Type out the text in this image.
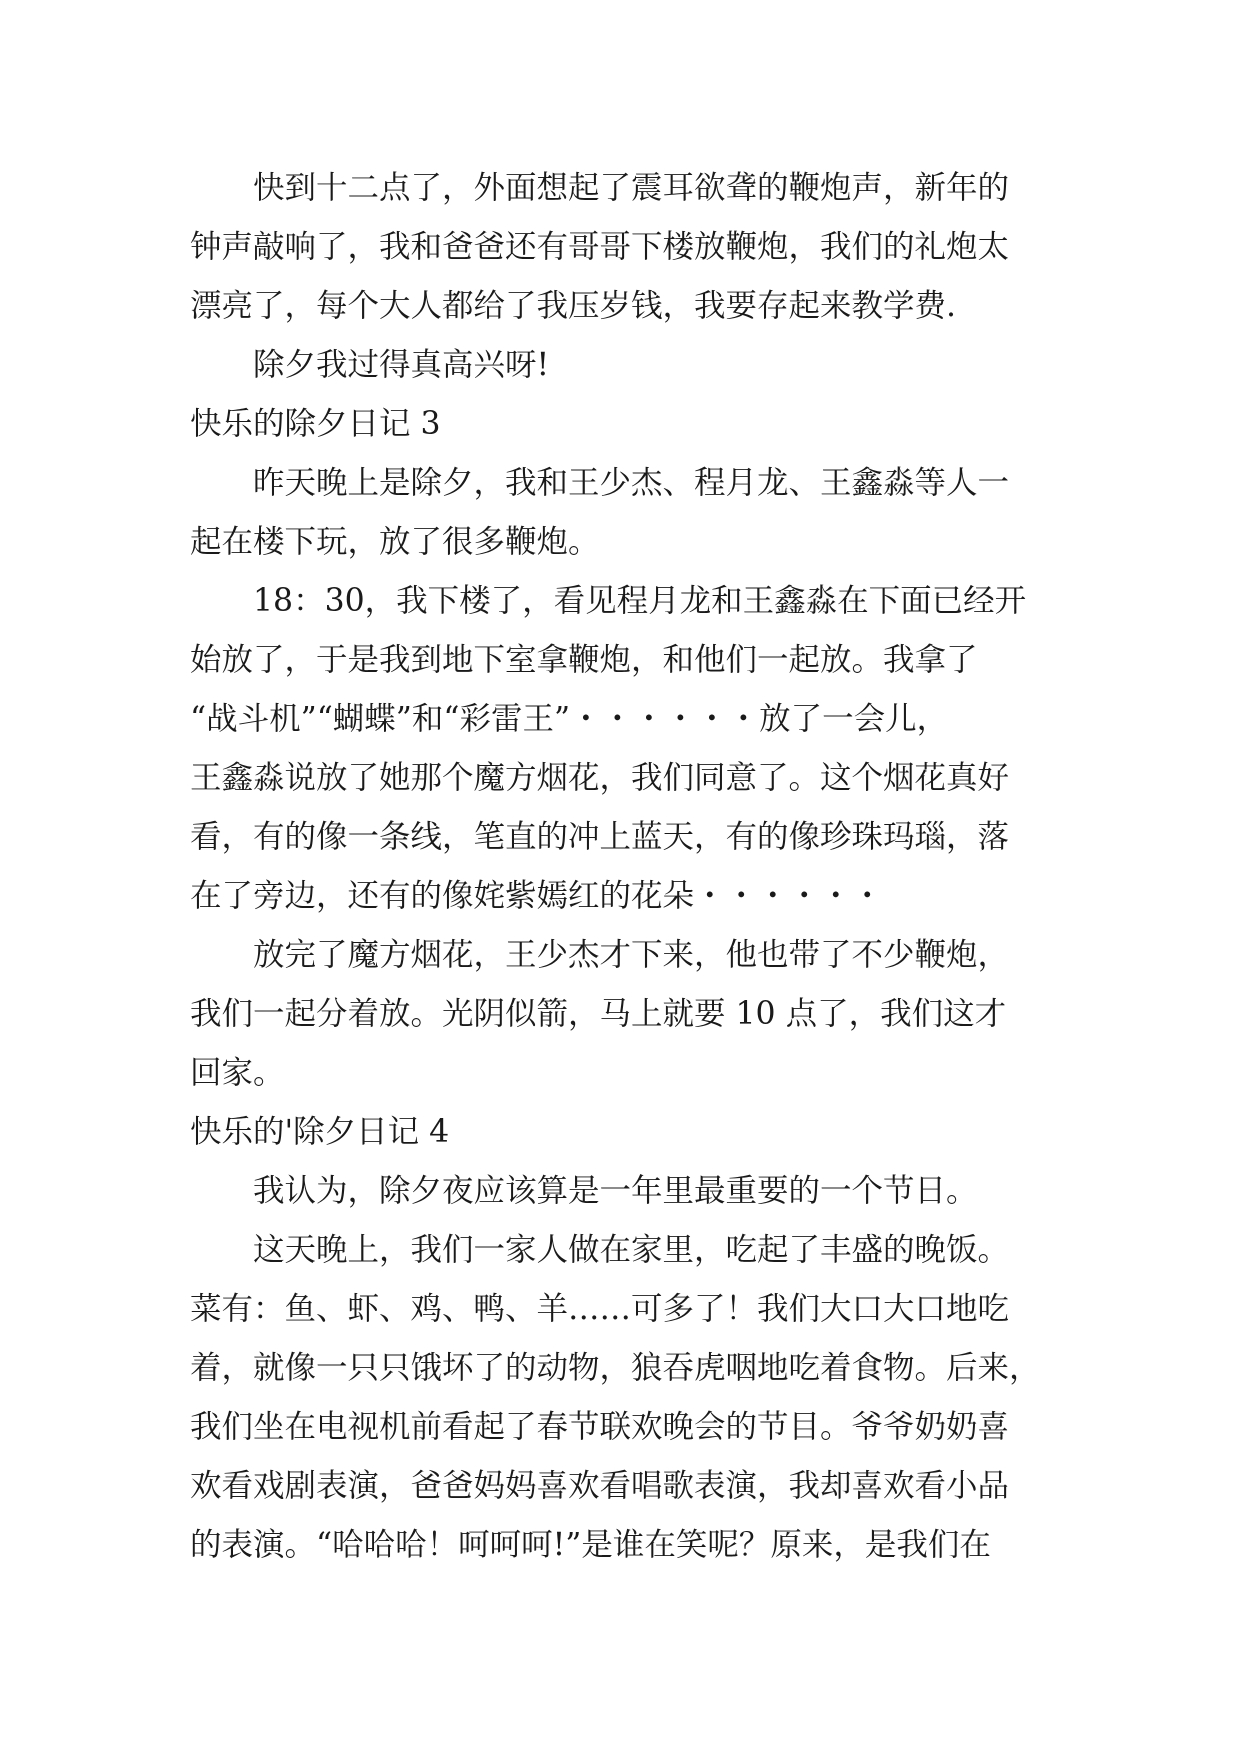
快到十二点了，外面想起了震耳欲聋的鞭炮声，新年的
钟声敲响了，我和爸爸还有哥哥下楼放鞭炮，我们的礼炮太
漂亮了，每个大人都给了我压岁钱，我要存起来教学费.
除夕我过得真高兴呀!
快乐的除夕日记 3
昨天晚上是除夕，我和王少杰、程月龙、王鑫淼等人一
起在楼下玩，放了很多鞭炮。
18：30，我下楼了，看见程月龙和王鑫淼在下面已经开
始放了，于是我到地下室拿鞭炮，和他们一起放。我拿了
“战斗机”“蝴蝶”和“彩雷王”・・・・・・放了一会儿，
王鑫淼说放了她那个魔方烟花，我们同意了。这个烟花真好
看，有的像一条线，笔直的冲上蓝天，有的像珍珠玛瑙，落
在了旁边，还有的像姹紫嫣红的花朵・・・・・・
放完了魔方烟花，王少杰才下来，他也带了不少鞭炮，
我们一起分着放。光阴似箭，马上就要 10 点了，我们这才
回家。
快乐的'除夕日记 4
我认为，除夕夜应该算是一年里最重要的一个节日。
这天晚上，我们一家人做在家里，吃起了丰盛的晚饭。
菜有：鱼、虾、鸡、鸭、羊……可多了！我们大口大口地吃
着，就像一只只饿坏了的动物，狼吞虎咽地吃着食物。后来，
我们坐在电视机前看起了春节联欢晚会的节目。爷爷奶奶喜
欢看戏剧表演，爸爸妈妈喜欢看唱歌表演，我却喜欢看小品
的表演。“哈哈哈！呵呵呵!”是谁在笑呢？原来，是我们在
